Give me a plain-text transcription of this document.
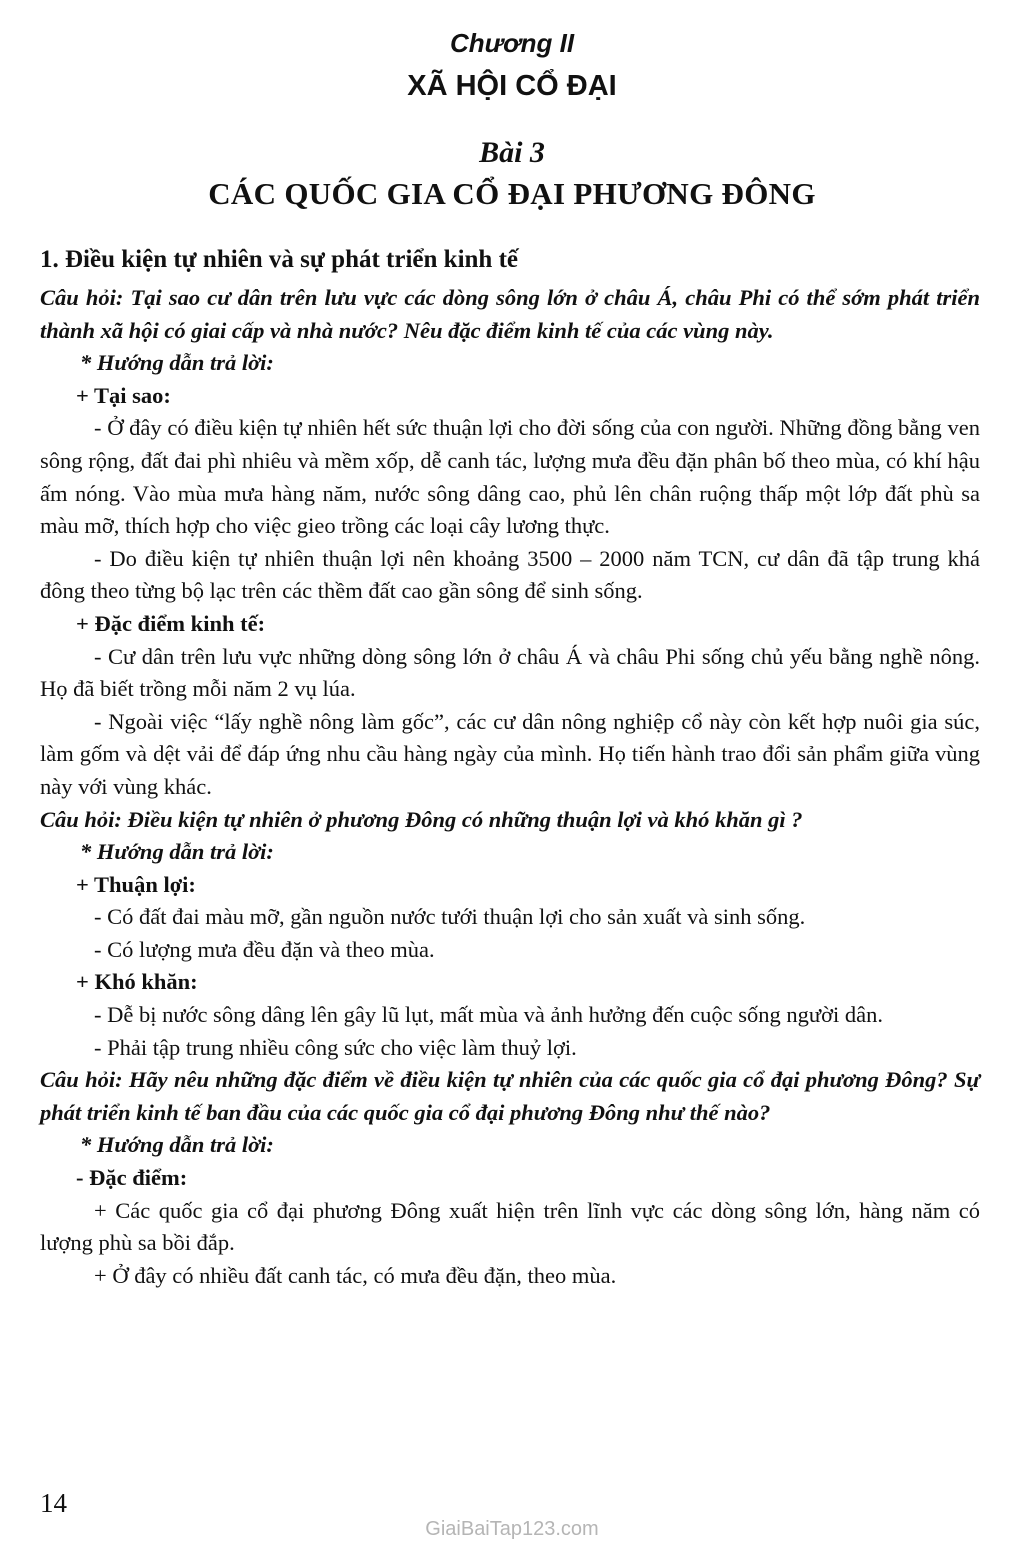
Chương II
XÃ HỘI CỔ ĐẠI
Bài 3
CÁC QUỐC GIA CỔ ĐẠI PHƯƠNG ĐÔNG

1. Điều kiện tự nhiên và sự phát triển kinh tế

Câu hỏi: Tại sao cư dân trên lưu vực các dòng sông lớn ở châu Á, châu Phi có thể sớm phát triển thành xã hội có giai cấp và nhà nước? Nêu đặc điểm kinh tế của các vùng này.

* Hướng dẫn trả lời:

+ Tại sao:

- Ở đây có điều kiện tự nhiên hết sức thuận lợi cho đời sống của con người. Những đồng bằng ven sông rộng, đất đai phì nhiêu và mềm xốp, dễ canh tác, lượng mưa đều đặn phân bố theo mùa, có khí hậu ấm nóng. Vào mùa mưa hàng năm, nước sông dâng cao, phủ lên chân ruộng thấp một lớp đất phù sa màu mỡ, thích hợp cho việc gieo trồng các loại cây lương thực.

- Do điều kiện tự nhiên thuận lợi nên khoảng 3500 – 2000 năm TCN, cư dân đã tập trung khá đông theo từng bộ lạc trên các thềm đất cao gần sông để sinh sống.

+ Đặc điểm kinh tế:

- Cư dân trên lưu vực những dòng sông lớn ở châu Á và châu Phi sống chủ yếu bằng nghề nông. Họ đã biết trồng mỗi năm 2 vụ lúa.

- Ngoài việc “lấy nghề nông làm gốc”, các cư dân nông nghiệp cổ này còn kết hợp nuôi gia súc, làm gốm và dệt vải để đáp ứng nhu cầu hàng ngày của mình. Họ tiến hành trao đổi sản phẩm giữa vùng này với vùng khác.

Câu hỏi: Điều kiện tự nhiên ở phương Đông có những thuận lợi và khó khăn gì ?

* Hướng dẫn trả lời:

+ Thuận lợi:

- Có đất đai màu mỡ, gần nguồn nước tưới thuận lợi cho sản xuất và sinh sống.

- Có lượng mưa đều đặn và theo mùa.

+ Khó khăn:

- Dễ bị nước sông dâng lên gây lũ lụt, mất mùa và ảnh hưởng đến cuộc sống người dân.

- Phải tập trung nhiều công sức cho việc làm thuỷ lợi.

Câu hỏi: Hãy nêu những đặc điểm về điều kiện tự nhiên của các quốc gia cổ đại phương Đông? Sự phát triển kinh tế ban đầu của các quốc gia cổ đại phương Đông như thế nào?

* Hướng dẫn trả lời:

- Đặc điểm:

+ Các quốc gia cổ đại phương Đông xuất hiện trên lĩnh vực các dòng sông lớn, hàng năm có lượng phù sa bồi đắp.

+ Ở đây có nhiều đất canh tác, có mưa đều đặn, theo mùa.

14
GiaiBaiTap123.com
